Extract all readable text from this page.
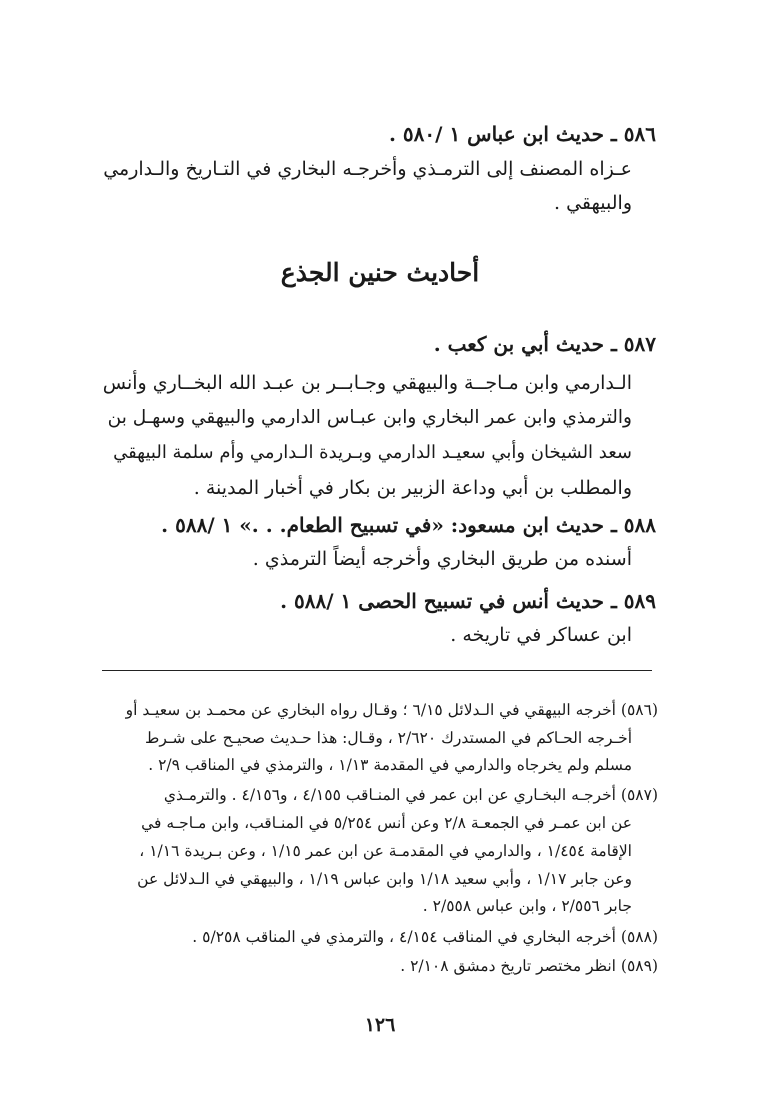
٥٨٦ ـ حديث ابن عباس ١ /٥٨٠ .

عـزاه المصنف إلى الترمـذي وأخرجـه البخاري في التـاريخ والـدارمي

والبيهقي .

أحاديث حنين الجذع

٥٨٧ ـ حديث أبي بن كعب .

الـدارمي وابن مـاجــة والبيهقي وجـابــر بن عبـد الله البخــاري وأنس

والترمذي وابن عمر البخاري وابن عبـاس الدارمي والبيهقي وسهـل بن

سعد الشيخان وأبي سعيـد الدارمي وبـريدة الـدارمي وأم سلمة البيهقي

والمطلب بن أبي وداعة الزبير بن بكار في أخبار المدينة .

٥٨٨ ـ حديث ابن مسعود: «في تسبيح الطعام. . .» ١ /٥٨٨ .

أسنده من طريق البخاري وأخرجه أيضاً الترمذي .

٥٨٩ ـ حديث أنس في تسبيح الحصى ١ /٥٨٨ .

ابن عساكر في تاريخه .

(٥٨٦) أخرجه البيهقي في الـدلائل ٦/١٥ ؛ وقـال رواه البخاري عن محمـد بن سعيـد أو

أخـرجه الحـاكم في المستدرك ٢/٦٢٠ ، وقـال: هذا حـديث صحيـح على شـرط

مسلم ولم يخرجاه والدارمي في المقدمة ١/١٣ ، والترمذي في المناقب ٢/٩ .

(٥٨٧) أخرجـه البخـاري عن ابن عمر في المنـاقب ٤/١٥٥ ، و٤/١٥٦ . والترمـذي

عن ابن عمـر في الجمعـة ٢/٨ وعن أنس ٥/٢٥٤ في المنـاقب، وابن مـاجـه في

الإقامة ١/٤٥٤ ، والدارمي في المقدمـة عن ابن عمر ١/١٥ ، وعن بـريدة ١/١٦ ،

وعن جابر ١/١٧ ، وأبي سعيد ١/١٨ وابن عباس ١/١٩ ، والبيهقي في الـدلائل عن

جابر ٢/٥٥٦ ، وابن عباس ٢/٥٥٨ .

(٥٨٨) أخرجه البخاري في المناقب ٤/١٥٤ ، والترمذي في المناقب ٥/٢٥٨ .

(٥٨٩) انظر مختصر تاريخ دمشق ٢/١٠٨ .

١٢٦
